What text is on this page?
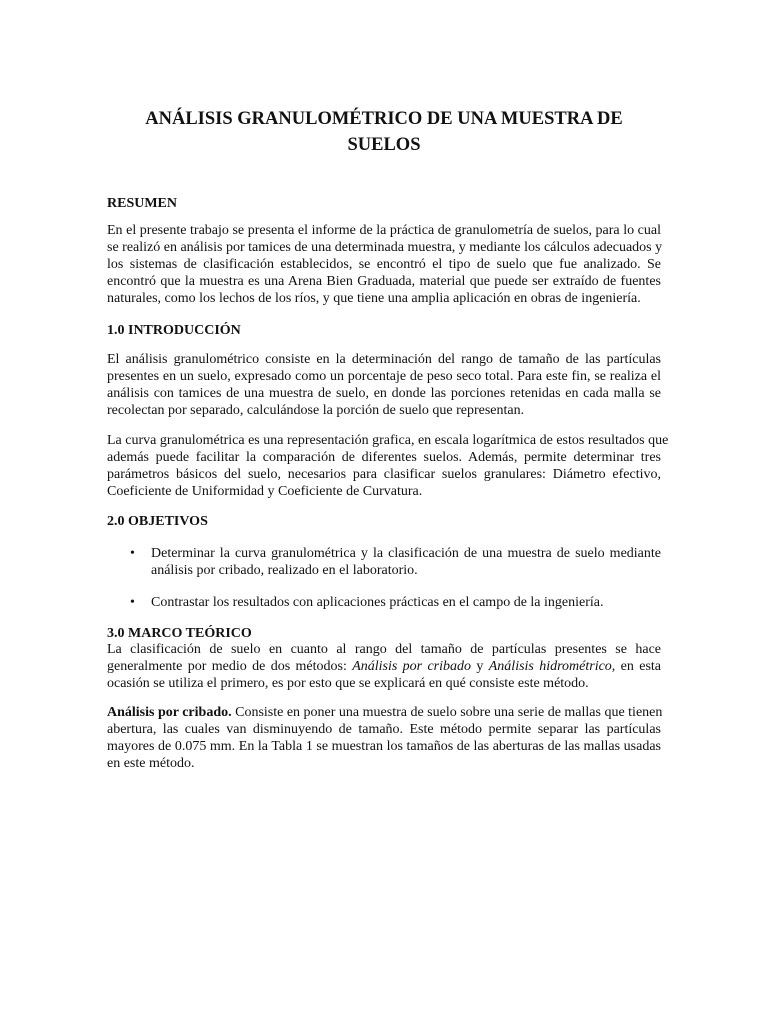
ANÁLISIS GRANULOMÉTRICO DE UNA MUESTRA DE
SUELOS
RESUMEN
En el presente trabajo se presenta el informe de la práctica de granulometría de suelos, para lo cual
se realizó en análisis por tamices de una determinada muestra, y mediante los cálculos adecuados y
los sistemas de clasificación establecidos, se encontró el tipo de suelo que fue analizado. Se
encontró que la muestra es una Arena Bien Graduada, material que puede ser extraído de fuentes
naturales, como los lechos de los ríos, y que tiene una amplia aplicación en obras de ingeniería.
1.0 INTRODUCCIÓN
El análisis granulométrico consiste en la determinación del rango de tamaño de las partículas
presentes en un suelo, expresado como un porcentaje de peso seco total. Para este fin, se realiza el
análisis con tamices de una muestra de suelo, en donde las porciones retenidas en cada malla se
recolectan por separado, calculándose la porción de suelo que representan.
La curva granulométrica es una representación grafica, en escala logarítmica de estos resultados que
además puede facilitar la comparación de diferentes suelos. Además, permite determinar tres
parámetros básicos del suelo, necesarios para clasificar suelos granulares: Diámetro efectivo,
Coeficiente de Uniformidad y Coeficiente de Curvatura.
2.0 OBJETIVOS
• Determinar la curva granulométrica y la clasificación de una muestra de suelo mediante
análisis por cribado, realizado en el laboratorio.
• Contrastar los resultados con aplicaciones prácticas en el campo de la ingeniería.
3.0 MARCO TEÓRICO
La clasificación de suelo en cuanto al rango del tamaño de partículas presentes se hace
generalmente por medio de dos métodos: Análisis por cribado y Análisis hidrométrico, en esta
ocasión se utiliza el primero, es por esto que se explicará en qué consiste este método.
Análisis por cribado. Consiste en poner una muestra de suelo sobre una serie de mallas que tienen
abertura, las cuales van disminuyendo de tamaño. Este método permite separar las partículas
mayores de 0.075 mm. En la Tabla 1 se muestran los tamaños de las aberturas de las mallas usadas
en este método.
